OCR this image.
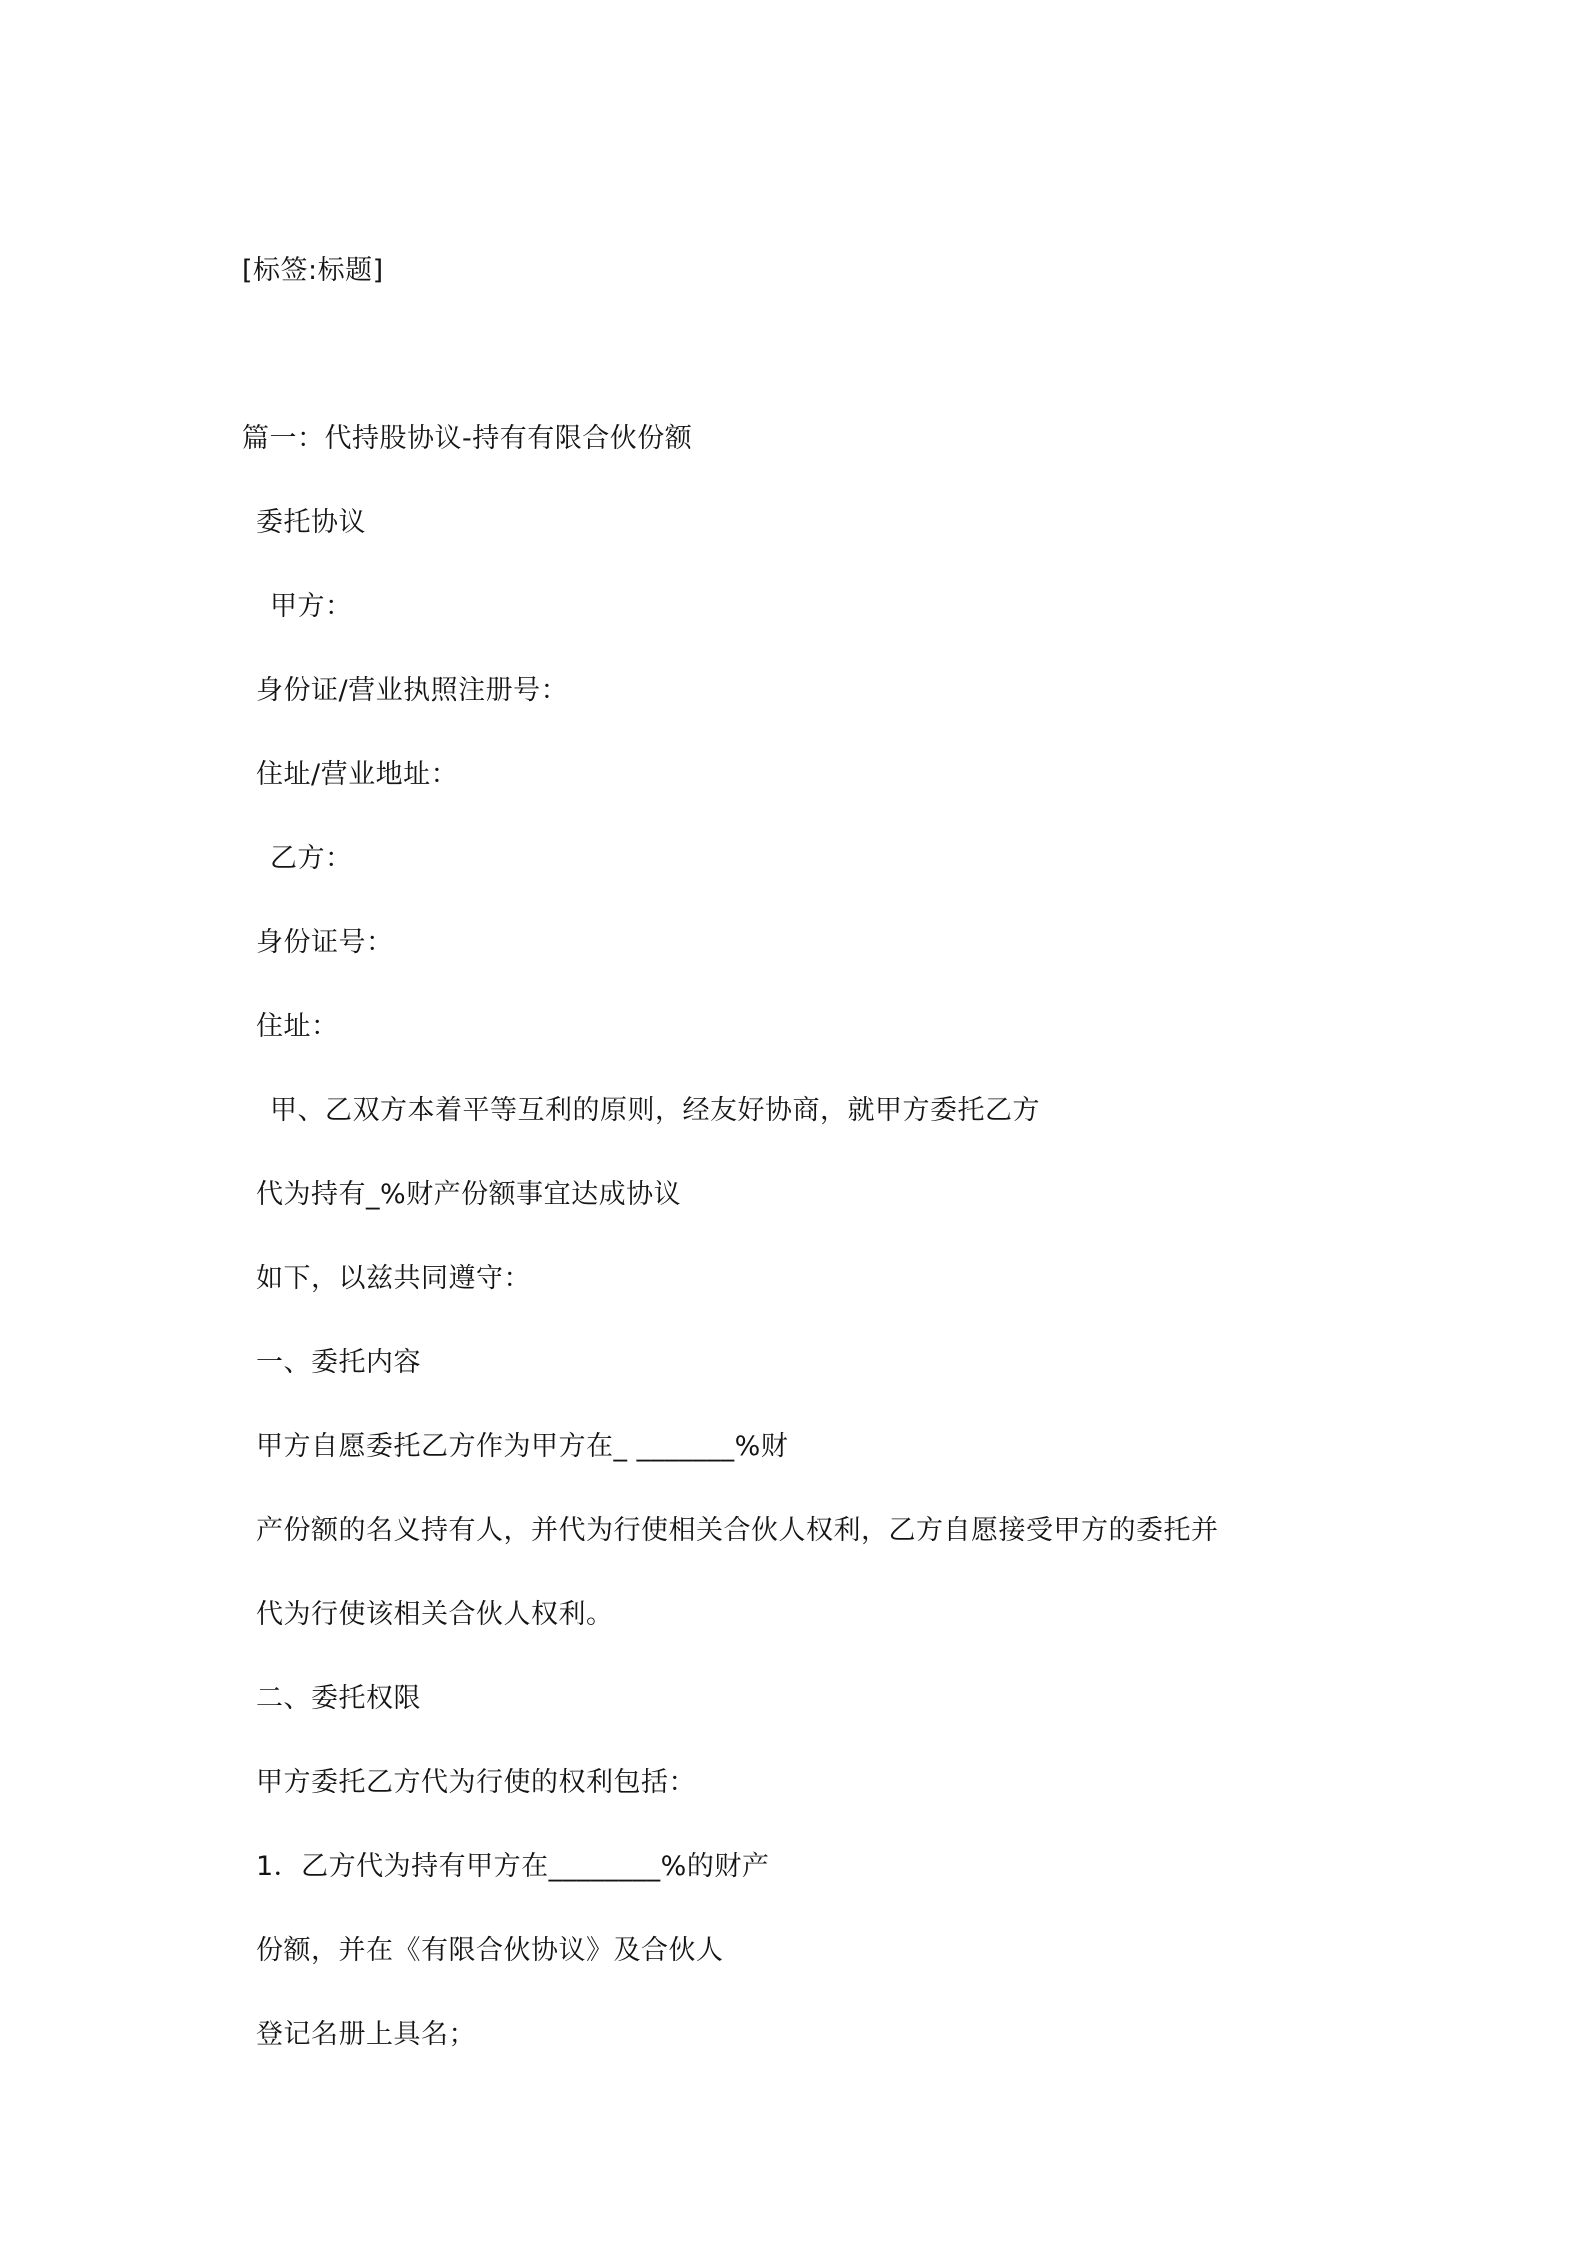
[标签:标题]
篇一：代持股协议-持有有限合伙份额
委托协议
甲方：
身份证/营业执照注册号：
住址/营业地址：
乙方：
身份证号：
住址：
甲、乙双方本着平等互利的原则，经友好协商，就甲方委托乙方
代为持有_%财产份额事宜达成协议
如下，以兹共同遵守：
一、委托内容
甲方自愿委托乙方作为甲方在_ _______%财
产份额的名义持有人，并代为行使相关合伙人权利，乙方自愿接受甲方的委托并
代为行使该相关合伙人权利。
二、委托权限
甲方委托乙方代为行使的权利包括：
1．乙方代为持有甲方在________%的财产
份额，并在《有限合伙协议》及合伙人
登记名册上具名；
